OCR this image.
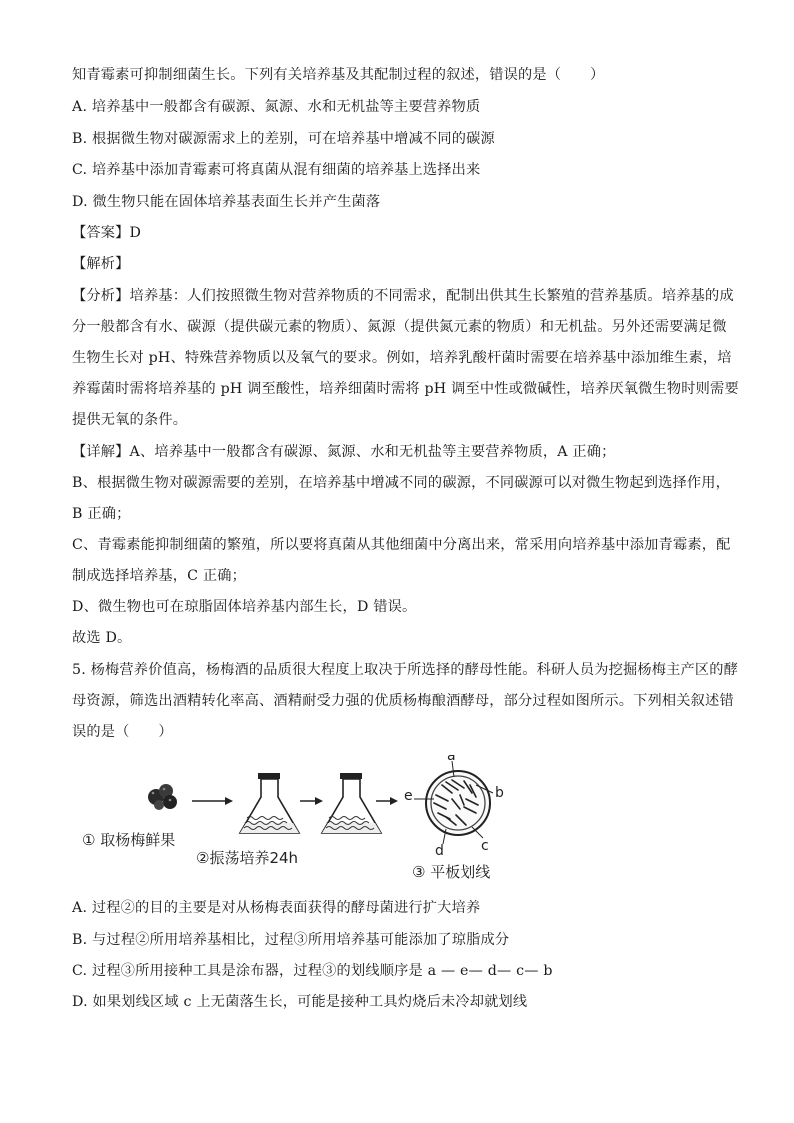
知青霉素可抑制细菌生长。下列有关培养基及其配制过程的叙述，错误的是（　　）
A. 培养基中一般都含有碳源、氮源、水和无机盐等主要营养物质
B. 根据微生物对碳源需求上的差别，可在培养基中增减不同的碳源
C. 培养基中添加青霉素可将真菌从混有细菌的培养基上选择出来
D. 微生物只能在固体培养基表面生长并产生菌落
【答案】D
【解析】
【分析】培养基：人们按照微生物对营养物质的不同需求，配制出供其生长繁殖的营养基质。培养基的成
分一般都含有水、碳源（提供碳元素的物质）、氮源（提供氮元素的物质）和无机盐。另外还需要满足微
生物生长对 pH、特殊营养物质以及氧气的要求。例如，培养乳酸杆菌时需要在培养基中添加维生素，培
养霉菌时需将培养基的 pH 调至酸性，培养细菌时需将 pH 调至中性或微碱性，培养厌氧微生物时则需要
提供无氧的条件。
【详解】A、培养基中一般都含有碳源、氮源、水和无机盐等主要营养物质，A 正确；
B、根据微生物对碳源需要的差别，在培养基中增减不同的碳源，不同碳源可以对微生物起到选择作用，
B 正确；
C、青霉素能抑制细菌的繁殖，所以要将真菌从其他细菌中分离出来，常采用向培养基中添加青霉素，配
制成选择培养基，C 正确；
D、微生物也可在琼脂固体培养基内部生长，D 错误。
故选 D。
5. 杨梅营养价值高，杨梅酒的品质很大程度上取决于所选择的酵母性能。科研人员为挖掘杨梅主产区的酵
母资源，筛选出酒精转化率高、酒精耐受力强的优质杨梅酿酒酵母，部分过程如图所示。下列相关叙述错
误的是（　　）
a
b
c
d
e
① 取杨梅鲜果
②振荡培养24h
③ 平板划线
A. 过程②的目的主要是对从杨梅表面获得的酵母菌进行扩大培养
B. 与过程②所用培养基相比，过程③所用培养基可能添加了琼脂成分
C. 过程③所用接种工具是涂布器，过程③的划线顺序是 a — e— d— c— b
D. 如果划线区域 c 上无菌落生长，可能是接种工具灼烧后未冷却就划线
